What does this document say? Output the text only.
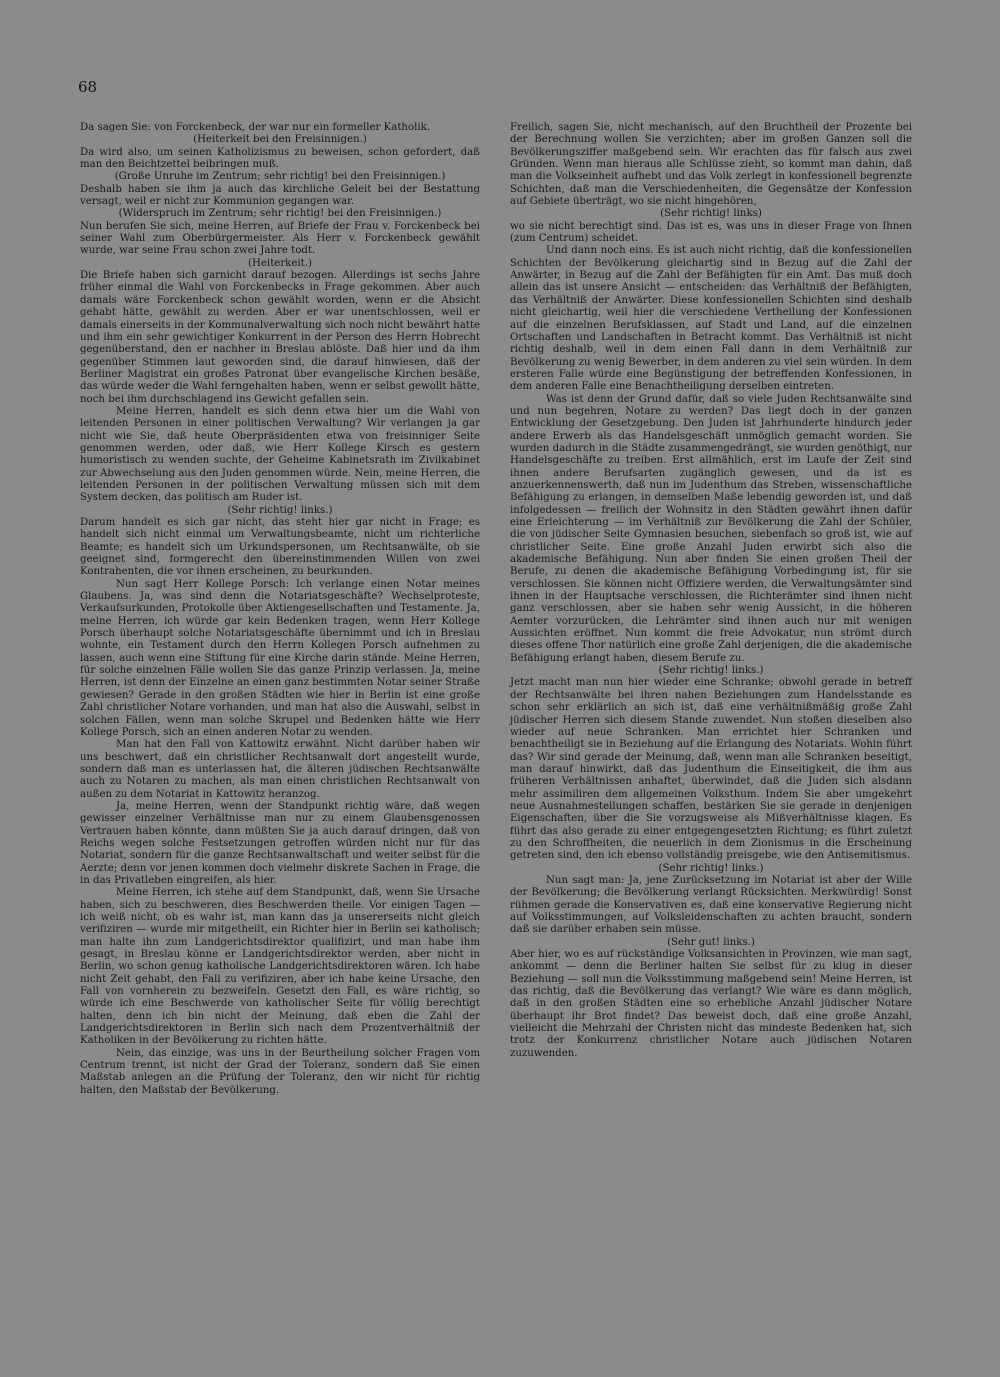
68

Da sagen Sie: von Forckenbeck, der war nur ein formeller Katholik.

(Heiterkeit bei den Freisinnigen.)

Da wird also, um seinen Katholizismus zu beweisen, schon gefordert, daß man den Beichtzettel beibringen muß.

(Große Unruhe im Zentrum; sehr richtig! bei den Freisinnigen.)

Deshalb haben sie ihm ja auch das kirchliche Geleit bei der Bestattung versagt, weil er nicht zur Kommunion gegangen war.

(Widerspruch im Zentrum; sehr richtig! bei den Freisinnigen.)

Nun berufen Sie sich, meine Herren, auf Briefe der Frau v. Forckenbeck bei seiner Wahl zum Oberbürgermeister. Als Herr v. Forckenbeck gewählt wurde, war seine Frau schon zwei Jahre todt.

(Heiterkeit.)

Die Briefe haben sich garnicht darauf bezogen. Allerdings ist sechs Jahre früher einmal die Wahl von Forckenbecks in Frage gekommen. Aber auch damals wäre Forckenbeck schon gewählt worden, wenn er die Absicht gehabt hätte, gewählt zu werden. Aber er war unentschlossen, weil er damals einerseits in der Kommunalverwaltung sich noch nicht bewährt hatte und ihm ein sehr gewichtiger Konkurrent in der Person des Herrn Hobrecht gegenüberstand, den er nachher in Breslau ablöste. Daß hier und da ihm gegenüber Stimmen laut geworden sind, die darauf hinwiesen, daß der Berliner Magistrat ein großes Patronat über evangelische Kirchen besäße, das würde weder die Wahl ferngehalten haben, wenn er selbst gewollt hätte, noch bei ihm durchschlagend ins Gewicht gefallen sein.

Meine Herren, handelt es sich denn etwa hier um die Wahl von leitenden Personen in einer politischen Verwaltung? Wir verlangen ja gar nicht wie Sie, daß heute Oberpräsidenten etwa von freisinniger Seite genommen werden, oder daß, wie Herr Kollege Kirsch es gestern humoristisch zu wenden suchte, der Geheime Kabinetsrath im Zivilkabinet zur Abwechselung aus den Juden genommen würde. Nein, meine Herren, die leitenden Personen in der politischen Verwaltung müssen sich mit dem System decken, das politisch am Ruder ist.

(Sehr richtig! links.)

Darum handelt es sich gar nicht, das steht hier gar nicht in Frage; es handelt sich nicht einmal um Verwaltungsbeamte, nicht um richterliche Beamte; es handelt sich um Urkundspersonen, um Rechtsanwälte, ob sie geeignet sind, formgerecht den übereinstimmenden Willen von zwei Kontrahenten, die vor ihnen erscheinen, zu beurkunden.

Nun sagt Herr Kollege Porsch: Ich verlange einen Notar meines Glaubens. Ja, was sind denn die Notariatsgeschäfte? Wechselproteste, Verkaufsurkunden, Protokolle über Aktiengesellschaften und Testamente. Ja, meine Herren, ich würde gar kein Bedenken tragen, wenn Herr Kollege Porsch überhaupt solche Notariatsgeschäfte übernimmt und ich in Breslau wohnte, ein Testament durch den Herrn Kollegen Porsch aufnehmen zu lassen, auch wenn eine Stiftung für eine Kirche darin stände. Meine Herren, für solche einzelnen Fälle wollen Sie das ganze Prinzip verlassen. Ja, meine Herren, ist denn der Einzelne an einen ganz bestimmten Notar seiner Straße gewiesen? Gerade in den großen Städten wie hier in Berlin ist eine große Zahl christlicher Notare vorhanden, und man hat also die Auswahl, selbst in solchen Fällen, wenn man solche Skrupel und Bedenken hätte wie Herr Kollege Porsch, sich an einen anderen Notar zu wenden.

Man hat den Fall von Kattowitz erwähnt. Nicht darüber haben wir uns beschwert, daß ein christlicher Rechtsanwalt dort angestellt wurde, sondern daß man es unterlassen hat, die älteren jüdischen Rechtsanwälte auch zu Notaren zu machen, als man einen christlichen Rechtsanwalt von außen zu dem Notariat in Kattowitz heranzog.

Ja, meine Herren, wenn der Standpunkt richtig wäre, daß wegen gewisser einzelner Verhältnisse man nur zu einem Glaubensgenossen Vertrauen haben könnte, dann müßten Sie ja auch darauf dringen, daß von Reichs wegen solche Festsetzungen getroffen würden nicht nur für das Notariat, sondern für die ganze Rechtsanwaltschaft und weiter selbst für die Aerzte; denn vor jenen kommen doch vielmehr diskrete Sachen in Frage, die in das Privatleben eingreifen, als hier.

Meine Herren, ich stehe auf dem Standpunkt, daß, wenn Sie Ursache haben, sich zu beschweren, dies Beschwerden theile. Vor einigen Tagen — ich weiß nicht, ob es wahr ist, man kann das ja unsererseits nicht gleich verifiziren — wurde mir mitgetheilt, ein Richter hier in Berlin sei katholisch; man halte ihn zum Landgerichtsdirektor qualifizirt, und man habe ihm gesagt, in Breslau könne er Landgerichtsdirektor werden, aber nicht in Berlin, wo schon genug katholische Landgerichtsdirektoren wären. Ich habe nicht Zeit gehabt, den Fall zu verifiziren, aber ich habe keine Ursache, den Fall von vornherein zu bezweifeln. Gesetzt den Fall, es wäre richtig, so würde ich eine Beschwerde von katholischer Seite für völlig berechtigt halten, denn ich bin nicht der Meinung, daß eben die Zahl der Landgerichtsdirektoren in Berlin sich nach dem Prozentverhältniß der Katholiken in der Bevölkerung zu richten hätte.

Nein, das einzige, was uns in der Beurtheilung solcher Fragen vom Centrum trennt, ist nicht der Grad der Toleranz, sondern daß Sie einen Maßstab anlegen an die Prüfung der Toleranz, den wir nicht für richtig halten, den Maßstab der Bevölkerung.

Freilich, sagen Sie, nicht mechanisch, auf den Bruchtheil der Prozente bei der Berechnung wollen Sie verzichten; aber im großen Ganzen soll die Bevölkerungsziffer maßgebend sein. Wir erachten das für falsch aus zwei Gründen. Wenn man hieraus alle Schlüsse zieht, so kommt man dahin, daß man die Volkseinheit aufhebt und das Volk zerlegt in konfessionell begrenzte Schichten, daß man die Verschiedenheiten, die Gegensätze der Konfession auf Gebiete überträgt, wo sie nicht hingehören,

(Sehr richtig! links)

wo sie nicht berechtigt sind. Das ist es, was uns in dieser Frage von Ihnen (zum Centrum) scheidet.

Und dann noch eins. Es ist auch nicht richtig, daß die konfessionellen Schichten der Bevölkerung gleichartig sind in Bezug auf die Zahl der Anwärter, in Bezug auf die Zahl der Befähigten für ein Amt. Das muß doch allein das ist unsere Ansicht — entscheiden: das Verhältniß der Befähigten, das Verhältniß der Anwärter. Diese konfessionellen Schichten sind deshalb nicht gleichartig, weil hier die verschiedene Vertheilung der Konfessionen auf die einzelnen Berufsklassen, auf Stadt und Land, auf die einzelnen Ortschaften und Landschaften in Betracht kommt. Das Verhältniß ist nicht richtig deshalb, weil in dem einen Fall dann in dem Verhältniß zur Bevölkerung zu wenig Bewerber, in dem anderen zu viel sein würden. In dem ersteren Falle würde eine Begünstigung der betreffenden Konfessionen, in dem anderen Falle eine Benachtheiligung derselben eintreten.

Was ist denn der Grund dafür, daß so viele Juden Rechtsanwälte sind und nun begehren, Notare zu werden? Das liegt doch in der ganzen Entwicklung der Gesetzgebung. Den Juden ist Jahrhunderte hindurch jeder andere Erwerb als das Handelsgeschäft unmöglich gemacht worden. Sie wurden dadurch in die Städte zusammengedrängt, sie wurden genöthigt, nur Handelsgeschäfte zu treiben. Erst allmählich, erst im Laufe der Zeit sind ihnen andere Berufsarten zugänglich gewesen, und da ist es anzuerkennenswerth, daß nun im Judenthum das Streben, wissenschaftliche Befähigung zu erlangen, in demselben Maße lebendig geworden ist, und daß infolgedessen — freilich der Wohnsitz in den Städten gewährt ihnen dafür eine Erleichterung — im Verhältniß zur Bevölkerung die Zahl der Schüler, die von jüdischer Seite Gymnasien besuchen, siebenfach so groß ist, wie auf christlicher Seite. Eine große Anzahl Juden erwirbt sich also die akademische Befähigung. Nun aber finden Sie einen großen Theil der Berufe, zu denen die akademische Befähigung Vorbedingung ist, für sie verschlossen. Sie können nicht Offiziere werden, die Verwaltungsämter sind ihnen in der Hauptsache verschlossen, die Richterämter sind ihnen nicht ganz verschlossen, aber sie haben sehr wenig Aussicht, in die höheren Aemter vorzurücken, die Lehrämter sind ihnen auch nur mit wenigen Aussichten eröffnet. Nun kommt die freie Advokatur, nun strömt durch dieses offene Thor natürlich eine große Zahl derjenigen, die die akademische Befähigung erlangt haben, diesem Berufe zu.

(Sehr richtig! links.)

Jetzt macht man nun hier wieder eine Schranke; obwohl gerade in betreff der Rechtsanwälte bei ihren nahen Beziehungen zum Handelsstande es schon sehr erklärlich an sich ist, daß eine verhältnißmäßig große Zahl jüdischer Herren sich diesem Stande zuwendet. Nun stoßen dieselben also wieder auf neue Schranken. Man errichtet hier Schranken und benachtheiligt sie in Beziehung auf die Erlangung des Notariats. Wohin führt das? Wir sind gerade der Meinung, daß, wenn man alle Schranken beseitigt, man darauf hinwirkt, daß das Judenthum die Einseitigkeit, die ihm aus früheren Verhältnissen anhaftet, überwindet, daß die Juden sich alsdann mehr assimiliren dem allgemeinen Volksthum. Indem Sie aber umgekehrt neue Ausnahmestellungen schaffen, bestärken Sie sie gerade in denjenigen Eigenschaften, über die Sie vorzugsweise als Mißverhältnisse klagen. Es führt das also gerade zu einer entgegengesetzten Richtung; es führt zuletzt zu den Schroffheiten, die neuerlich in dem Zionismus in die Erscheinung getreten sind, den ich ebenso vollständig preisgebe, wie den Antisemitismus.

(Sehr richtig! links.)

Nun sagt man: Ja, jene Zurücksetzung im Notariat ist aber der Wille der Bevölkerung; die Bevölkerung verlangt Rücksichten. Merkwürdig! Sonst rühmen gerade die Konservativen es, daß eine konservative Regierung nicht auf Volksstimmungen, auf Volksleidenschaften zu achten braucht, sondern daß sie darüber erhaben sein müsse.

(Sehr gut! links.)

Aber hier, wo es auf rückständige Volksansichten in Provinzen, wie man sagt, ankommt — denn die Berliner halten Sie selbst für zu klug in dieser Beziehung — soll nun die Volksstimmung maßgebend sein! Meine Herren, ist das richtig, daß die Bevölkerung das verlangt? Wie wäre es dann möglich, daß in den großen Städten eine so erhebliche Anzahl jüdischer Notare überhaupt ihr Brot findet? Das beweist doch, daß eine große Anzahl, vielleicht die Mehrzahl der Christen nicht das mindeste Bedenken hat, sich trotz der Konkurrenz christlicher Notare auch jüdischen Notaren zuzuwenden.
